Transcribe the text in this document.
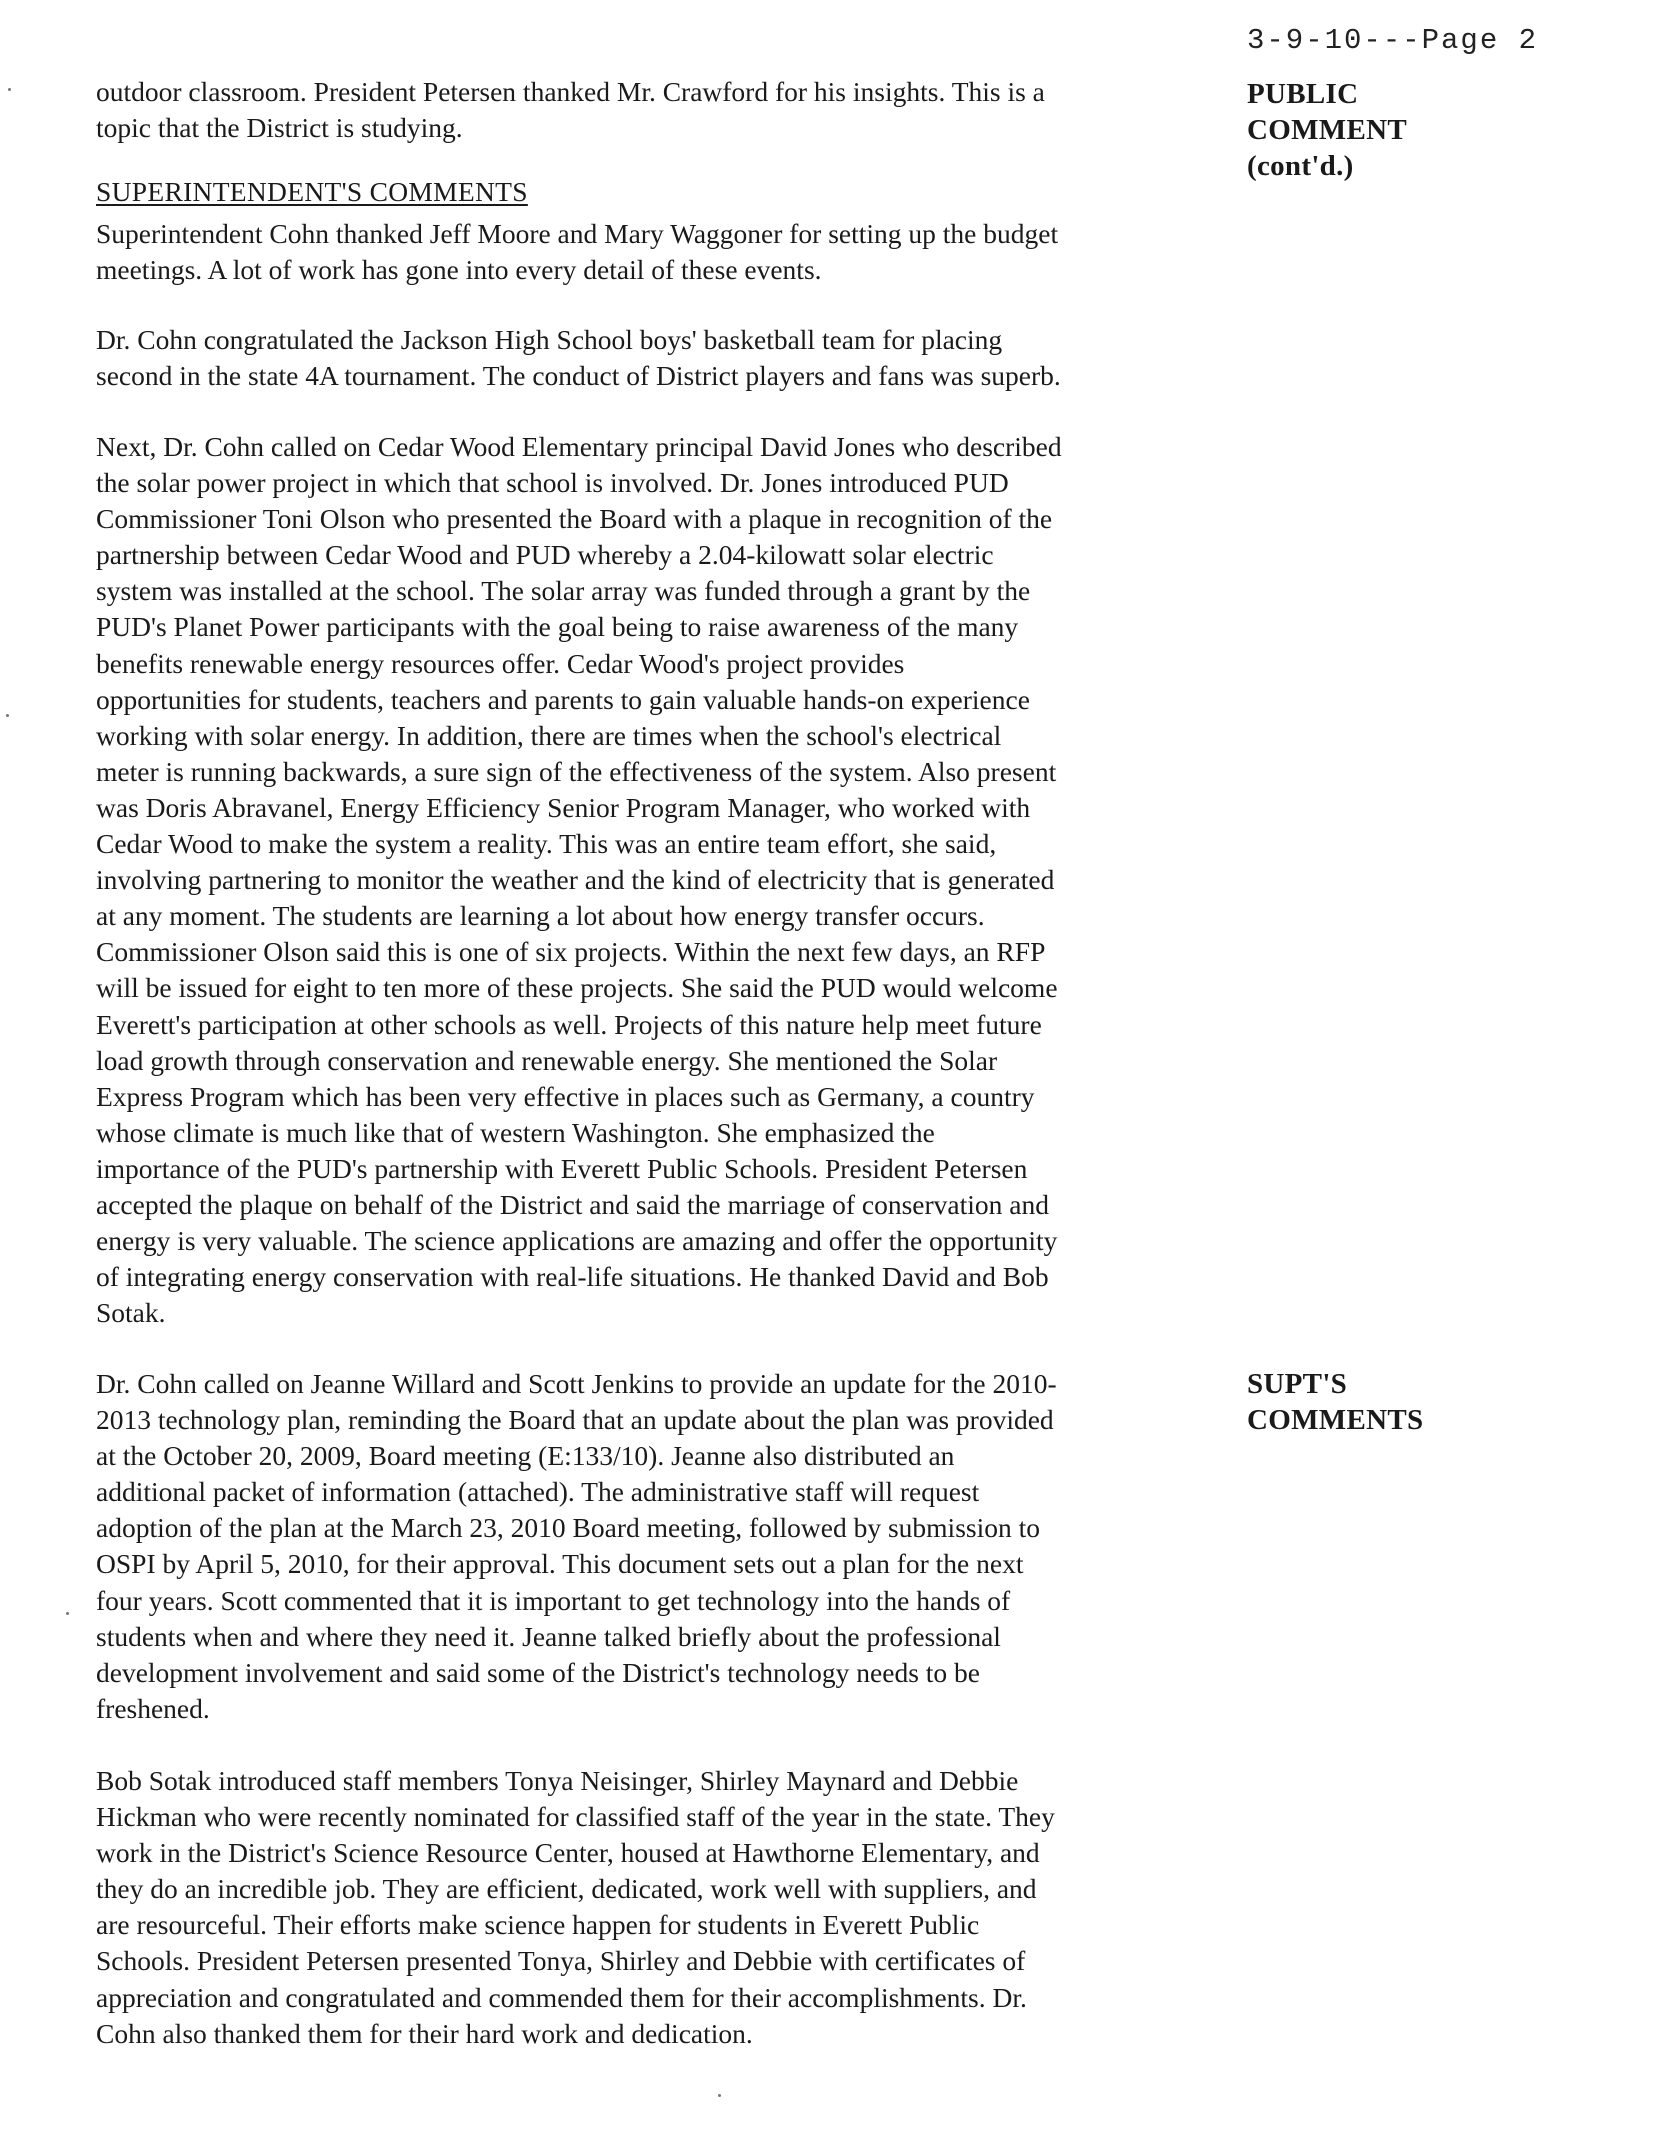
3-9-10---Page 2
PUBLIC
COMMENT
(cont'd.)
SUPT'S
COMMENTS

outdoor classroom. President Petersen thanked Mr. Crawford for his insights. This is a
topic that the District is studying.

SUPERINTENDENT'S COMMENTS

Superintendent Cohn thanked Jeff Moore and Mary Waggoner for setting up the budget
meetings. A lot of work has gone into every detail of these events.

Dr. Cohn congratulated the Jackson High School boys' basketball team for placing
second in the state 4A tournament. The conduct of District players and fans was superb.

Next, Dr. Cohn called on Cedar Wood Elementary principal David Jones who described
the solar power project in which that school is involved. Dr. Jones introduced PUD
Commissioner Toni Olson who presented the Board with a plaque in recognition of the
partnership between Cedar Wood and PUD whereby a 2.04-kilowatt solar electric
system was installed at the school. The solar array was funded through a grant by the
PUD's Planet Power participants with the goal being to raise awareness of the many
benefits renewable energy resources offer. Cedar Wood's project provides
opportunities for students, teachers and parents to gain valuable hands-on experience
working with solar energy. In addition, there are times when the school's electrical
meter is running backwards, a sure sign of the effectiveness of the system. Also present
was Doris Abravanel, Energy Efficiency Senior Program Manager, who worked with
Cedar Wood to make the system a reality. This was an entire team effort, she said,
involving partnering to monitor the weather and the kind of electricity that is generated
at any moment. The students are learning a lot about how energy transfer occurs.
Commissioner Olson said this is one of six projects. Within the next few days, an RFP
will be issued for eight to ten more of these projects. She said the PUD would welcome
Everett's participation at other schools as well. Projects of this nature help meet future
load growth through conservation and renewable energy. She mentioned the Solar
Express Program which has been very effective in places such as Germany, a country
whose climate is much like that of western Washington. She emphasized the
importance of the PUD's partnership with Everett Public Schools. President Petersen
accepted the plaque on behalf of the District and said the marriage of conservation and
energy is very valuable. The science applications are amazing and offer the opportunity
of integrating energy conservation with real-life situations. He thanked David and Bob
Sotak.

Dr. Cohn called on Jeanne Willard and Scott Jenkins to provide an update for the 2010-
2013 technology plan, reminding the Board that an update about the plan was provided
at the October 20, 2009, Board meeting (E:133/10). Jeanne also distributed an
additional packet of information (attached). The administrative staff will request
adoption of the plan at the March 23, 2010 Board meeting, followed by submission to
OSPI by April 5, 2010, for their approval. This document sets out a plan for the next
four years. Scott commented that it is important to get technology into the hands of
students when and where they need it. Jeanne talked briefly about the professional
development involvement and said some of the District's technology needs to be
freshened.

Bob Sotak introduced staff members Tonya Neisinger, Shirley Maynard and Debbie
Hickman who were recently nominated for classified staff of the year in the state. They
work in the District's Science Resource Center, housed at Hawthorne Elementary, and
they do an incredible job. They are efficient, dedicated, work well with suppliers, and
are resourceful. Their efforts make science happen for students in Everett Public
Schools. President Petersen presented Tonya, Shirley and Debbie with certificates of
appreciation and congratulated and commended them for their accomplishments. Dr.
Cohn also thanked them for their hard work and dedication.
